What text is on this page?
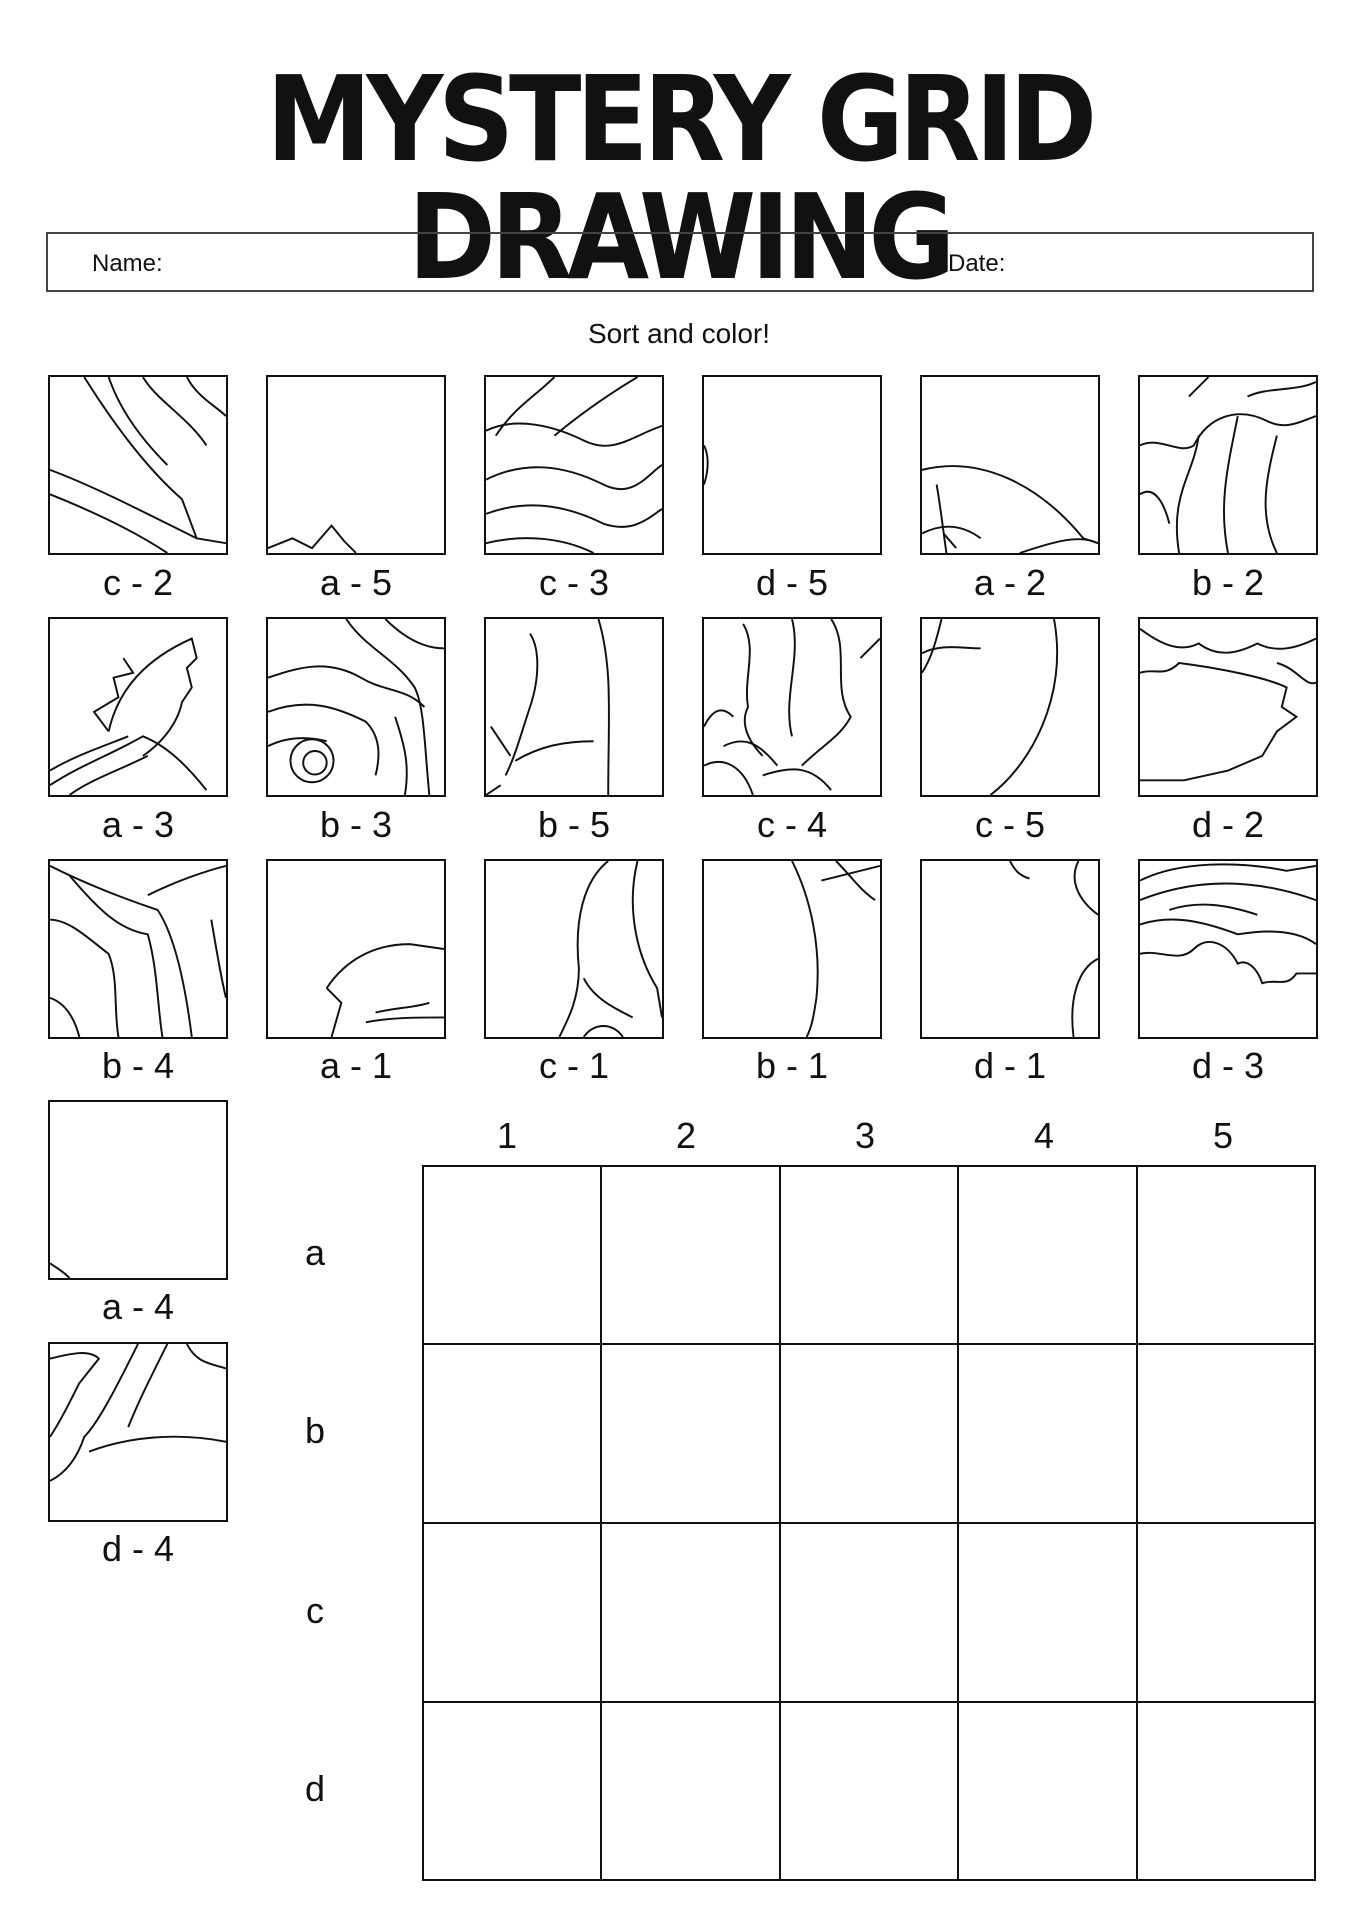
MYSTERY GRID DRAWING
Name:	Date:
Sort and color!
c - 2	a - 5	c - 3	d - 5	a - 2	b - 2
a - 3	b - 3	b - 5	c - 4	c - 5	d - 2
b - 4	a - 1	c - 1	b - 1	d - 1	d - 3
a - 4
d - 4
1	2	3	4	5
a
b
c
d
